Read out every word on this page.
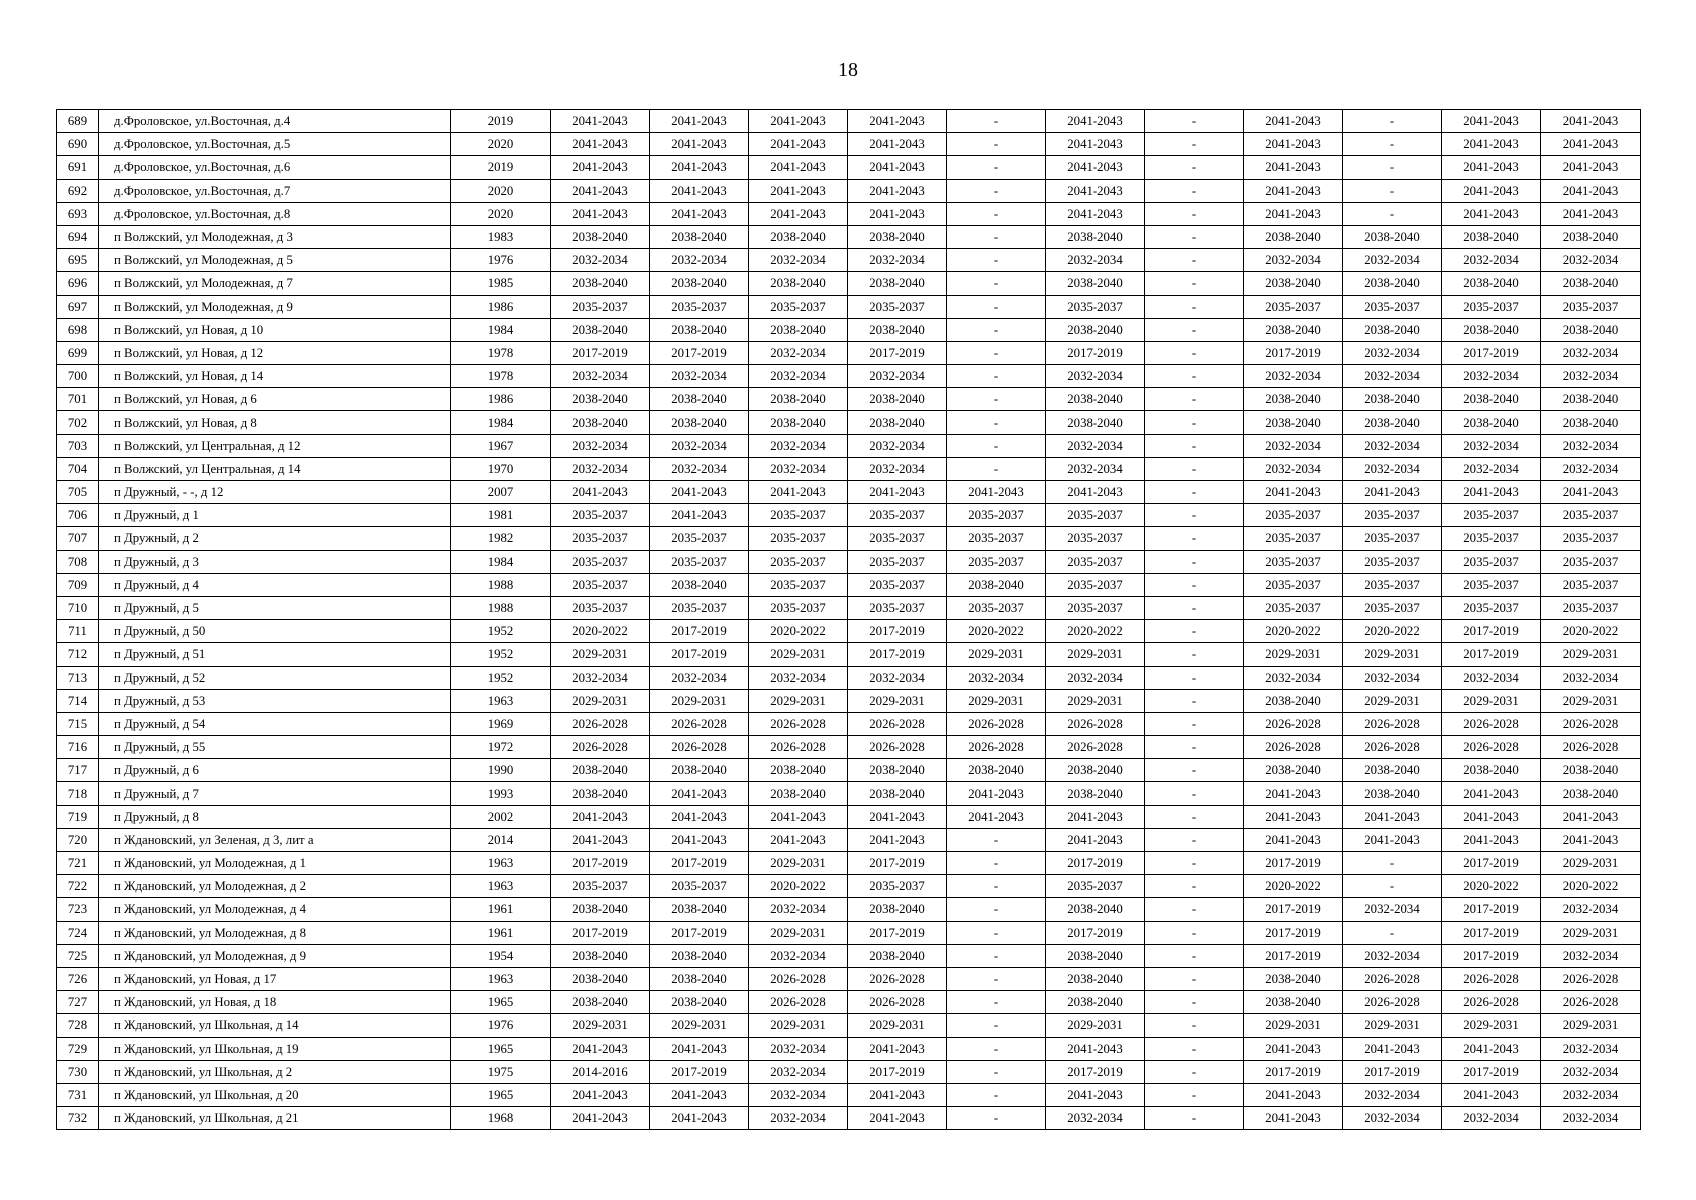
18
689	д.Фроловское, ул.Восточная, д.4	2019	2041-2043	2041-2043	2041-2043	2041-2043	-	2041-2043	-	2041-2043	-	2041-2043	2041-2043
690	д.Фроловское, ул.Восточная, д.5	2020	2041-2043	2041-2043	2041-2043	2041-2043	-	2041-2043	-	2041-2043	-	2041-2043	2041-2043
691	д.Фроловское, ул.Восточная, д.6	2019	2041-2043	2041-2043	2041-2043	2041-2043	-	2041-2043	-	2041-2043	-	2041-2043	2041-2043
692	д.Фроловское, ул.Восточная, д.7	2020	2041-2043	2041-2043	2041-2043	2041-2043	-	2041-2043	-	2041-2043	-	2041-2043	2041-2043
693	д.Фроловское, ул.Восточная, д.8	2020	2041-2043	2041-2043	2041-2043	2041-2043	-	2041-2043	-	2041-2043	-	2041-2043	2041-2043
694	п Волжский, ул Молодежная, д 3	1983	2038-2040	2038-2040	2038-2040	2038-2040	-	2038-2040	-	2038-2040	2038-2040	2038-2040	2038-2040
695	п Волжский, ул Молодежная, д 5	1976	2032-2034	2032-2034	2032-2034	2032-2034	-	2032-2034	-	2032-2034	2032-2034	2032-2034	2032-2034
696	п Волжский, ул Молодежная, д 7	1985	2038-2040	2038-2040	2038-2040	2038-2040	-	2038-2040	-	2038-2040	2038-2040	2038-2040	2038-2040
697	п Волжский, ул Молодежная, д 9	1986	2035-2037	2035-2037	2035-2037	2035-2037	-	2035-2037	-	2035-2037	2035-2037	2035-2037	2035-2037
698	п Волжский, ул Новая, д 10	1984	2038-2040	2038-2040	2038-2040	2038-2040	-	2038-2040	-	2038-2040	2038-2040	2038-2040	2038-2040
699	п Волжский, ул Новая, д 12	1978	2017-2019	2017-2019	2032-2034	2017-2019	-	2017-2019	-	2017-2019	2032-2034	2017-2019	2032-2034
700	п Волжский, ул Новая, д 14	1978	2032-2034	2032-2034	2032-2034	2032-2034	-	2032-2034	-	2032-2034	2032-2034	2032-2034	2032-2034
701	п Волжский, ул Новая, д 6	1986	2038-2040	2038-2040	2038-2040	2038-2040	-	2038-2040	-	2038-2040	2038-2040	2038-2040	2038-2040
702	п Волжский, ул Новая, д 8	1984	2038-2040	2038-2040	2038-2040	2038-2040	-	2038-2040	-	2038-2040	2038-2040	2038-2040	2038-2040
703	п Волжский, ул Центральная, д 12	1967	2032-2034	2032-2034	2032-2034	2032-2034	-	2032-2034	-	2032-2034	2032-2034	2032-2034	2032-2034
704	п Волжский, ул Центральная, д 14	1970	2032-2034	2032-2034	2032-2034	2032-2034	-	2032-2034	-	2032-2034	2032-2034	2032-2034	2032-2034
705	п Дружный, - -, д 12	2007	2041-2043	2041-2043	2041-2043	2041-2043	2041-2043	2041-2043	-	2041-2043	2041-2043	2041-2043	2041-2043
706	п Дружный, д 1	1981	2035-2037	2041-2043	2035-2037	2035-2037	2035-2037	2035-2037	-	2035-2037	2035-2037	2035-2037	2035-2037
707	п Дружный, д 2	1982	2035-2037	2035-2037	2035-2037	2035-2037	2035-2037	2035-2037	-	2035-2037	2035-2037	2035-2037	2035-2037
708	п Дружный, д 3	1984	2035-2037	2035-2037	2035-2037	2035-2037	2035-2037	2035-2037	-	2035-2037	2035-2037	2035-2037	2035-2037
709	п Дружный, д 4	1988	2035-2037	2038-2040	2035-2037	2035-2037	2038-2040	2035-2037	-	2035-2037	2035-2037	2035-2037	2035-2037
710	п Дружный, д 5	1988	2035-2037	2035-2037	2035-2037	2035-2037	2035-2037	2035-2037	-	2035-2037	2035-2037	2035-2037	2035-2037
711	п Дружный, д 50	1952	2020-2022	2017-2019	2020-2022	2017-2019	2020-2022	2020-2022	-	2020-2022	2020-2022	2017-2019	2020-2022
712	п Дружный, д 51	1952	2029-2031	2017-2019	2029-2031	2017-2019	2029-2031	2029-2031	-	2029-2031	2029-2031	2017-2019	2029-2031
713	п Дружный, д 52	1952	2032-2034	2032-2034	2032-2034	2032-2034	2032-2034	2032-2034	-	2032-2034	2032-2034	2032-2034	2032-2034
714	п Дружный, д 53	1963	2029-2031	2029-2031	2029-2031	2029-2031	2029-2031	2029-2031	-	2038-2040	2029-2031	2029-2031	2029-2031
715	п Дружный, д 54	1969	2026-2028	2026-2028	2026-2028	2026-2028	2026-2028	2026-2028	-	2026-2028	2026-2028	2026-2028	2026-2028
716	п Дружный, д 55	1972	2026-2028	2026-2028	2026-2028	2026-2028	2026-2028	2026-2028	-	2026-2028	2026-2028	2026-2028	2026-2028
717	п Дружный, д 6	1990	2038-2040	2038-2040	2038-2040	2038-2040	2038-2040	2038-2040	-	2038-2040	2038-2040	2038-2040	2038-2040
718	п Дружный, д 7	1993	2038-2040	2041-2043	2038-2040	2038-2040	2041-2043	2038-2040	-	2041-2043	2038-2040	2041-2043	2038-2040
719	п Дружный, д 8	2002	2041-2043	2041-2043	2041-2043	2041-2043	2041-2043	2041-2043	-	2041-2043	2041-2043	2041-2043	2041-2043
720	п Ждановский, ул Зеленая, д 3, лит а	2014	2041-2043	2041-2043	2041-2043	2041-2043	-	2041-2043	-	2041-2043	2041-2043	2041-2043	2041-2043
721	п Ждановский, ул Молодежная, д 1	1963	2017-2019	2017-2019	2029-2031	2017-2019	-	2017-2019	-	2017-2019	-	2017-2019	2029-2031
722	п Ждановский, ул Молодежная, д 2	1963	2035-2037	2035-2037	2020-2022	2035-2037	-	2035-2037	-	2020-2022	-	2020-2022	2020-2022
723	п Ждановский, ул Молодежная, д 4	1961	2038-2040	2038-2040	2032-2034	2038-2040	-	2038-2040	-	2017-2019	2032-2034	2017-2019	2032-2034
724	п Ждановский, ул Молодежная, д 8	1961	2017-2019	2017-2019	2029-2031	2017-2019	-	2017-2019	-	2017-2019	-	2017-2019	2029-2031
725	п Ждановский, ул Молодежная, д 9	1954	2038-2040	2038-2040	2032-2034	2038-2040	-	2038-2040	-	2017-2019	2032-2034	2017-2019	2032-2034
726	п Ждановский, ул Новая, д 17	1963	2038-2040	2038-2040	2026-2028	2026-2028	-	2038-2040	-	2038-2040	2026-2028	2026-2028	2026-2028
727	п Ждановский, ул Новая, д 18	1965	2038-2040	2038-2040	2026-2028	2026-2028	-	2038-2040	-	2038-2040	2026-2028	2026-2028	2026-2028
728	п Ждановский, ул Школьная, д 14	1976	2029-2031	2029-2031	2029-2031	2029-2031	-	2029-2031	-	2029-2031	2029-2031	2029-2031	2029-2031
729	п Ждановский, ул Школьная, д 19	1965	2041-2043	2041-2043	2032-2034	2041-2043	-	2041-2043	-	2041-2043	2041-2043	2041-2043	2032-2034
730	п Ждановский, ул Школьная, д 2	1975	2014-2016	2017-2019	2032-2034	2017-2019	-	2017-2019	-	2017-2019	2017-2019	2017-2019	2032-2034
731	п Ждановский, ул Школьная, д 20	1965	2041-2043	2041-2043	2032-2034	2041-2043	-	2041-2043	-	2041-2043	2032-2034	2041-2043	2032-2034
732	п Ждановский, ул Школьная, д 21	1968	2041-2043	2041-2043	2032-2034	2041-2043	-	2032-2034	-	2041-2043	2032-2034	2032-2034	2032-2034
